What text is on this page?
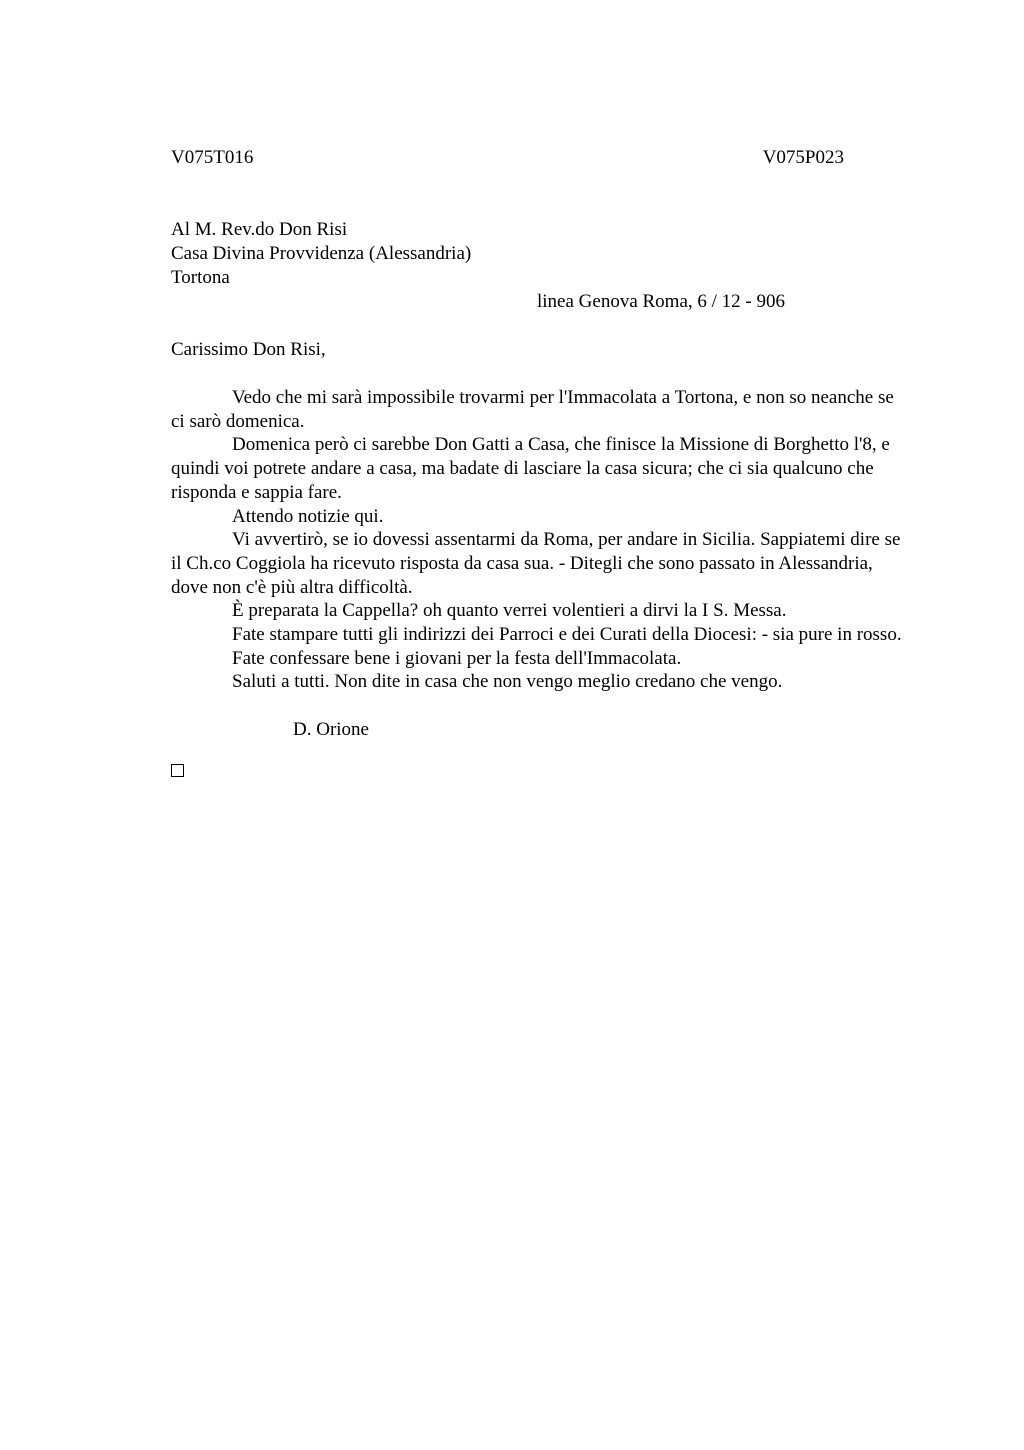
V075T016	V075P023
Al M. Rev.do Don Risi
Casa Divina Provvidenza (Alessandria)
Tortona
linea Genova Roma, 6 / 12 - 906
Carissimo Don Risi,

Vedo che mi sarà impossibile trovarmi per l'Immacolata a Tortona, e non so neanche se ci sarò domenica.

Domenica però ci sarebbe Don Gatti a Casa, che finisce la Missione di Borghetto l'8, e quindi voi potrete andare a casa, ma badate di lasciare la casa sicura; che ci sia qualcuno che risponda e sappia fare.

Attendo notizie qui.

Vi avvertirò, se io dovessi assentarmi da Roma, per andare in Sicilia. Sappiatemi dire se il Ch.co Coggiola ha ricevuto risposta da casa sua. - Ditegli che sono passato in Alessandria, dove non c'è più altra difficoltà.

È preparata la Cappella? oh quanto verrei volentieri a dirvi la I S. Messa.

Fate stampare tutti gli indirizzi dei Parroci e dei Curati della Diocesi: - sia pure in rosso.

Fate confessare bene i giovani per la festa dell'Immacolata.

Saluti a tutti. Non dite in casa che non vengo meglio credano che vengo.

D. Orione
